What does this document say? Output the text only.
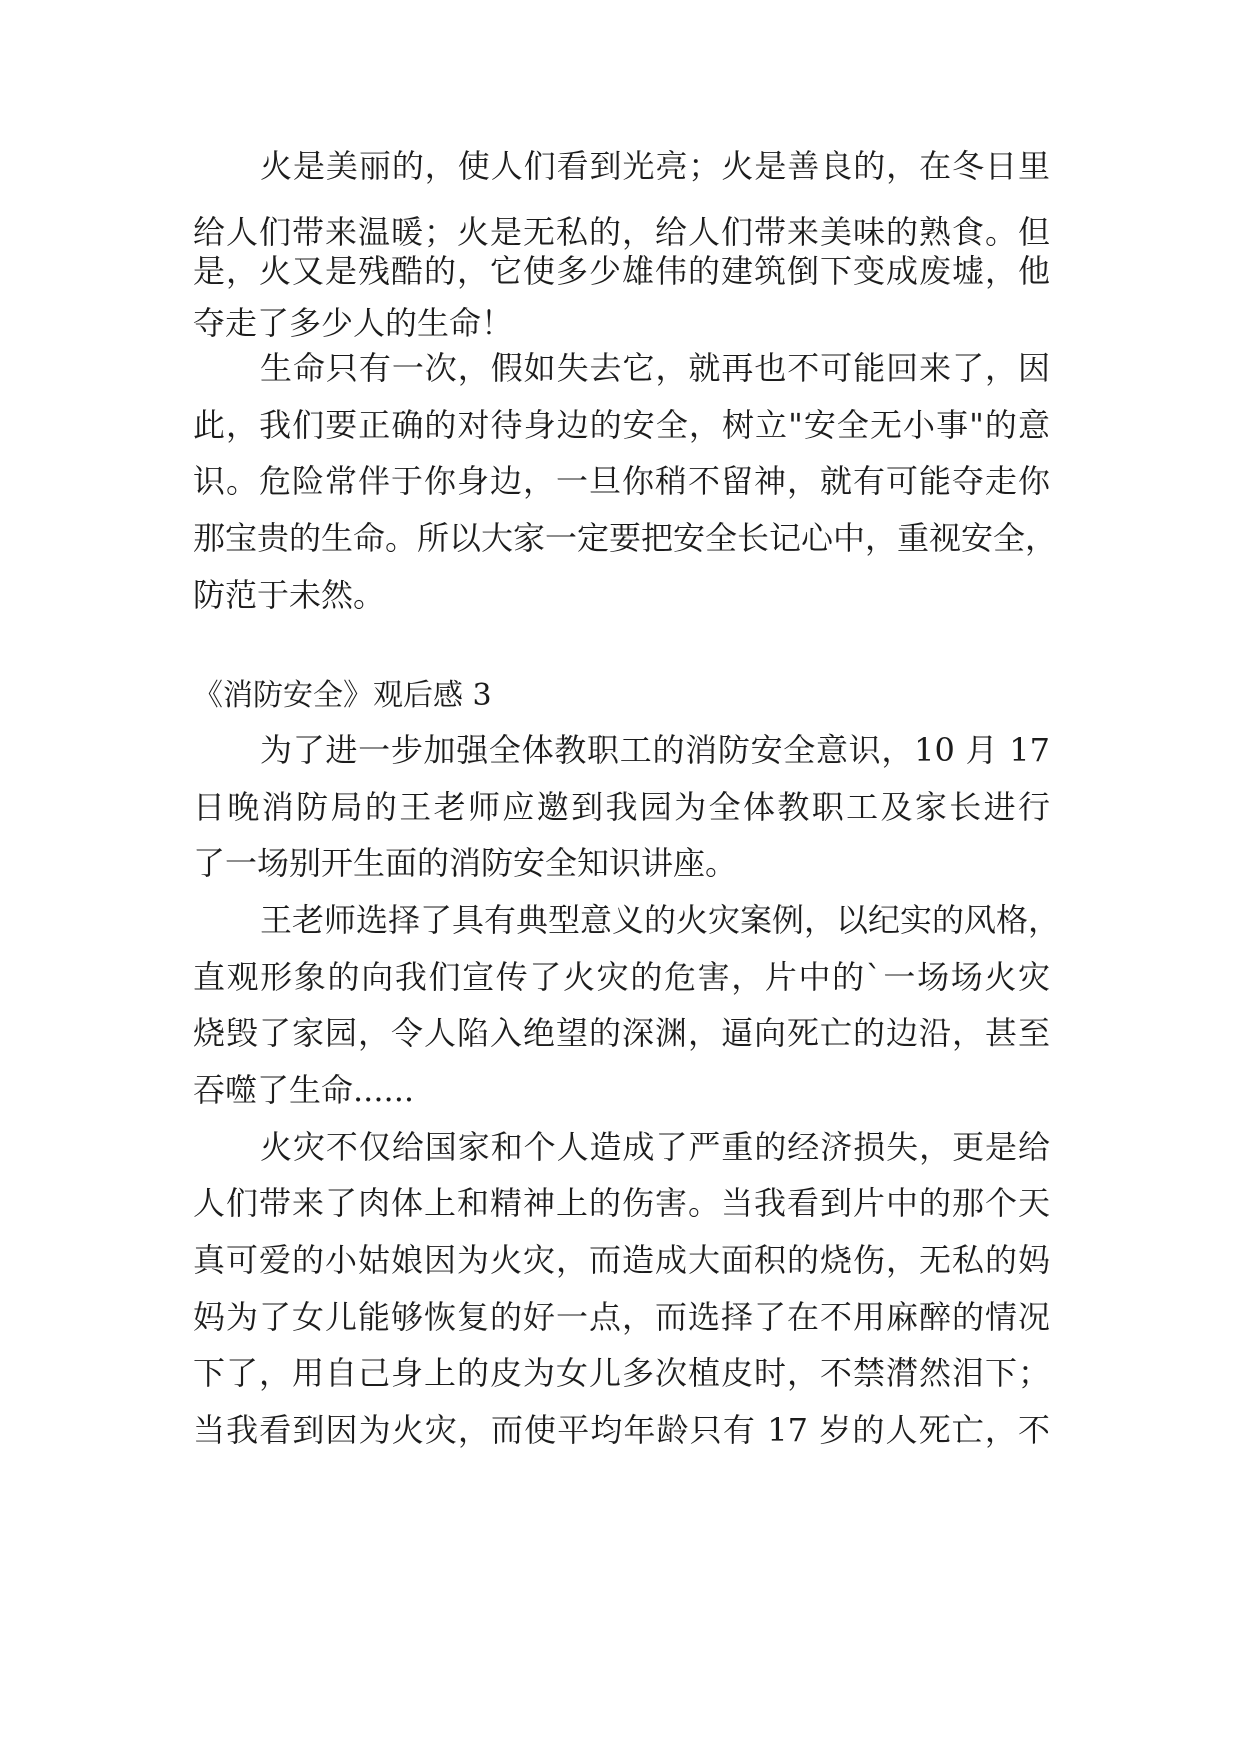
火是美丽的，使人们看到光亮；火是善良的，在冬日里
给人们带来温暖；火是无私的，给人们带来美味的熟食。但
是，火又是残酷的，它使多少雄伟的建筑倒下变成废墟，他
夺走了多少人的生命！
生命只有一次，假如失去它，就再也不可能回来了，因
此，我们要正确的对待身边的安全，树立"安全无小事"的意
识。危险常伴于你身边，一旦你稍不留神，就有可能夺走你
那宝贵的生命。所以大家一定要把安全长记心中，重视安全，
防范于未然。
《消防安全》观后感 3
为了进一步加强全体教职工的消防安全意识，10 月 17
日晚消防局的王老师应邀到我园为全体教职工及家长进行
了一场别开生面的消防安全知识讲座。
王老师选择了具有典型意义的火灾案例，以纪实的风格，
直观形象的向我们宣传了火灾的危害，片中的`一场场火灾
烧毁了家园，令人陷入绝望的深渊，逼向死亡的边沿，甚至
吞噬了生命......
火灾不仅给国家和个人造成了严重的经济损失，更是给
人们带来了肉体上和精神上的伤害。当我看到片中的那个天
真可爱的小姑娘因为火灾，而造成大面积的烧伤，无私的妈
妈为了女儿能够恢复的好一点，而选择了在不用麻醉的情况
下了，用自己身上的皮为女儿多次植皮时，不禁潸然泪下；
当我看到因为火灾，而使平均年龄只有 17 岁的人死亡，不
